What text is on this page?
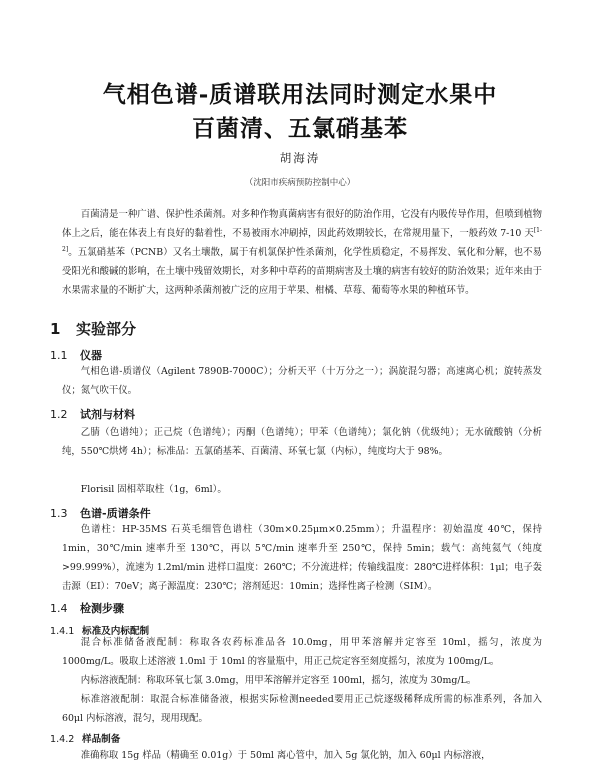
气相色谱-质谱联用法同时测定水果中
百菌清、五氯硝基苯
胡海涛
（沈阳市疾病预防控制中心）
百菌清是一种广谱、保护性杀菌剂。对多种作物真菌病害有很好的防治作用，它没有内吸传导作用，但喷到植物体上之后，能在体表上有良好的黏着性，不易被雨水冲刷掉，因此药效期较长，在常规用量下，一般药效 7-10 天[1-2]。五氯硝基苯（PCNB）又名土壤散，属于有机氯保护性杀菌剂，化学性质稳定，不易挥发、氧化和分解，也不易受阳光和酸碱的影响，在土壤中残留效期长，对多种中草药的苗期病害及土壤的病害有较好的防治效果；近年来由于水果需求量的不断扩大，这两种杀菌剂被广泛的应用于苹果、柑橘、草莓、葡萄等水果的种植环节。
1 实验部分
1.1 仪器
气相色谱-质谱仪（Agilent 7890B-7000C）；分析天平（十万分之一）；涡旋混匀器；高速离心机；旋转蒸发仪；氮气吹干仪。
1.2 试剂与材料
乙腈（色谱纯）；正己烷（色谱纯）；丙酮（色谱纯）；甲苯（色谱纯）；氯化钠（优级纯）；无水硫酸钠（分析纯，550℃烘烤 4h）；标准品：五氯硝基苯、百菌清、环氧七氯（内标），纯度均大于 98%。
Florisil 固相萃取柱（1g，6ml）。
1.3 色谱-质谱条件
色谱柱：HP-35MS 石英毛细管色谱柱（30m×0.25μm×0.25mm）；升温程序：初始温度 40℃，保持 1min，30℃/min 速率升至 130℃，再以 5℃/min 速率升至 250℃，保持 5min；载气：高纯氦气（纯度>99.999%），流速为 1.2ml/min 进样口温度：260℃；不分流进样；传输线温度：280℃进样体积：1μl；电子轰击源（EI）：70eV；离子源温度：230℃；溶剂延迟：10min；选择性离子检测（SIM）。
1.4 检测步骤
1.4.1 标准及内标配制
混合标准储备液配制：称取各农药标准品各 10.0mg，用甲苯溶解并定容至 10ml，摇匀，浓度为 1000mg/L。吸取上述溶液 1.0ml 于 10ml 的容量瓶中，用正己烷定容至刻度摇匀，浓度为 100mg/L。
内标溶液配制：称取环氧七氯 3.0mg，用甲苯溶解并定容至 100ml，摇匀，浓度为 30mg/L。
标准溶液配制：取混合标准储备液，根据实际检测needed要用正己烷逐级稀释成所需的标准系列，各加入 60μl 内标溶液，混匀，现用现配。
1.4.2 样品制备
准确称取 15g 样品（精确至 0.01g）于 50ml 离心管中，加入 5g 氯化钠，加入 60μl 内标溶液，
